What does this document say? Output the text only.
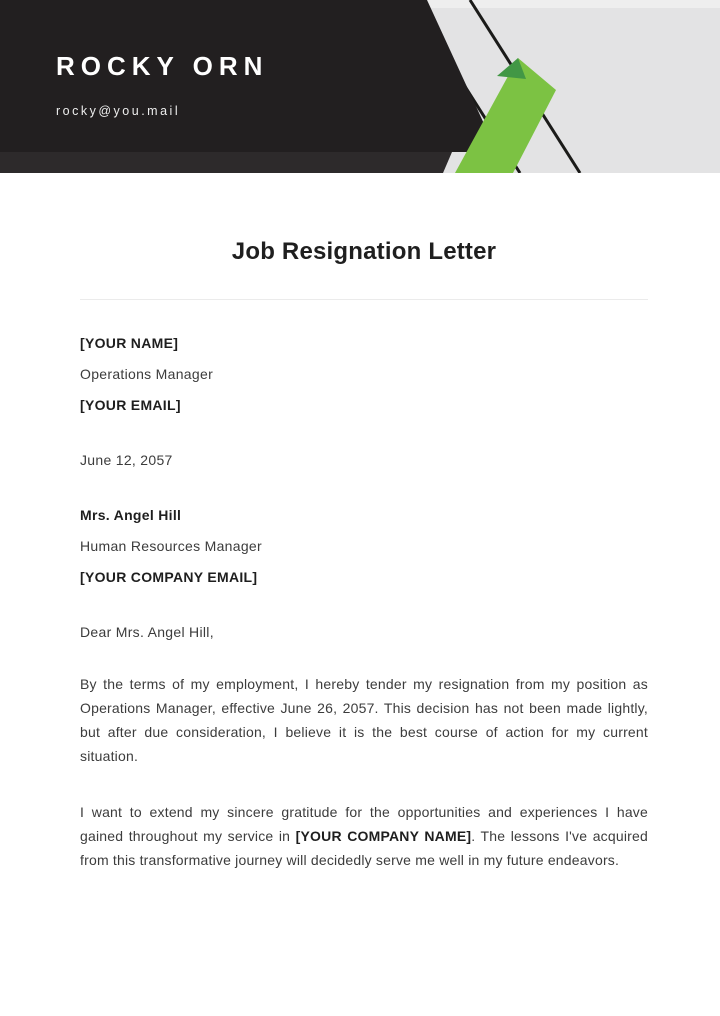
ROCKY ORN
rocky@you.mail
Job Resignation Letter

[YOUR NAME]

Operations Manager

[YOUR EMAIL]

June 12, 2057

Mrs. Angel Hill

Human Resources Manager

[YOUR COMPANY EMAIL]

Dear Mrs. Angel Hill,

By the terms of my employment, I hereby tender my resignation from my position as Operations Manager, effective June 26, 2057. This decision has not been made lightly, but after due consideration, I believe it is the best course of action for my current situation.

I want to extend my sincere gratitude for the opportunities and experiences I have gained throughout my service in [YOUR COMPANY NAME]. The lessons I've acquired from this transformative journey will decidedly serve me well in my future endeavors.
